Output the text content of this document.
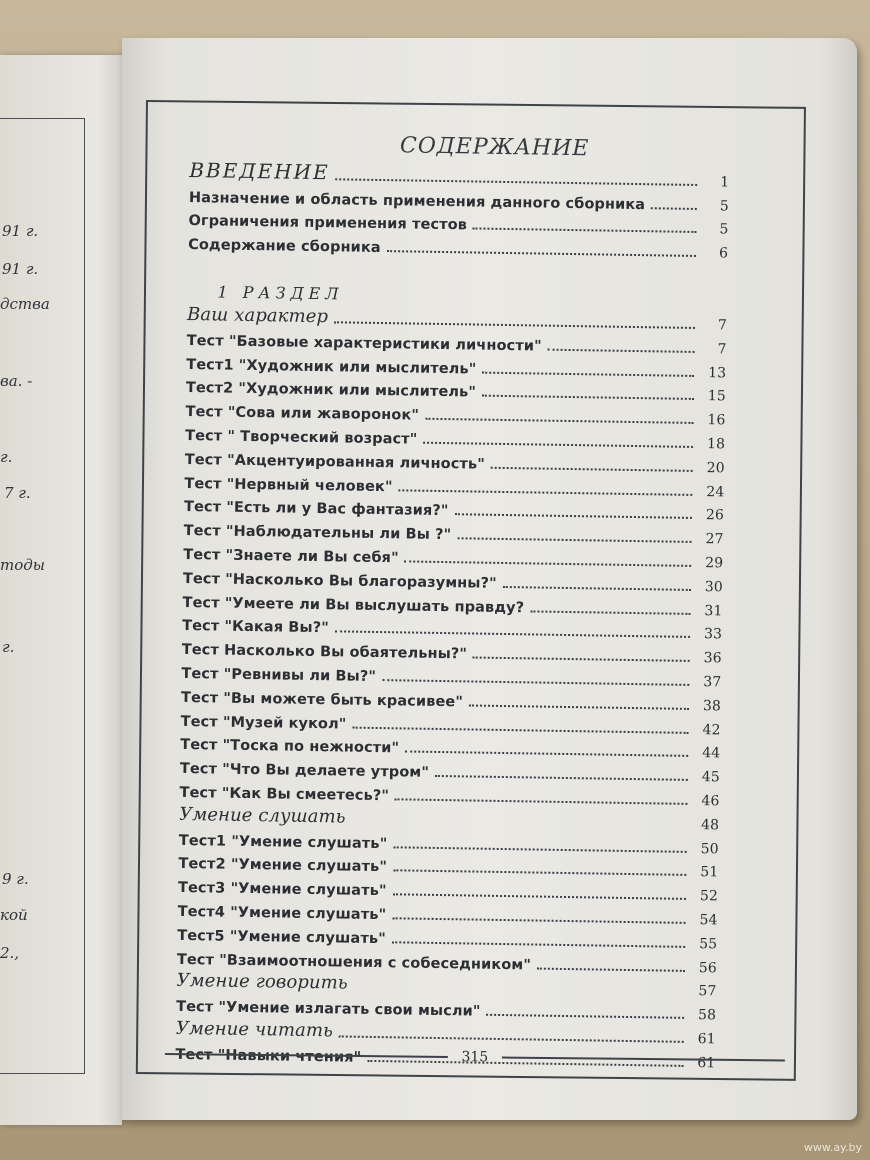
91 г.
91 г.
дства
ва. -
г.
7 г.
тоды
г.
9 г.
кой
2.,
СОДЕРЖАНИЕ
ВВЕДЕНИЕ	1
Назначение и область применения данного сборника	5
Ограничения применения тестов	5
Содержание сборника	6
1 РАЗДЕЛ
Ваш характер	7
Тест "Базовые характеристики личности"	7
Тест1 "Художник или мыслитель"	13
Тест2 "Художник или мыслитель"	15
Тест "Сова или жаворонок"	16
Тест " Творческий возраст"	18
Тест "Акцентуированная личность"	20
Тест "Нервный человек"	24
Тест "Есть ли у Вас фантазия?"	26
Тест "Наблюдательны ли Вы ?"	27
Тест "Знаете ли Вы себя"	29
Тест "Насколько Вы благоразумны?"	30
Тест "Умеете ли Вы выслушать правду?	31
Тест "Какая Вы?"	33
Тест Насколько Вы обаятельны?"	36
Тест "Ревнивы ли Вы?"	37
Тест "Вы можете быть красивее"	38
Тест "Музей кукол"	42
Тест "Тоска по нежности"	44
Тест "Что Вы делаете утром"	45
Тест "Как Вы смеетесь?"	46
Умение слушать	48
Тест1 "Умение слушать"	50
Тест2 "Умение слушать"	51
Тест3 "Умение слушать"	52
Тест4 "Умение слушать"	54
Тест5 "Умение слушать"	55
Тест "Взаимоотношения с собеседником"	56
Умение говорить	57
Тест "Умение излагать свои мысли"	58
Умение читать	61
Тест "Навыки чтения"	61
315
www.ay.by
